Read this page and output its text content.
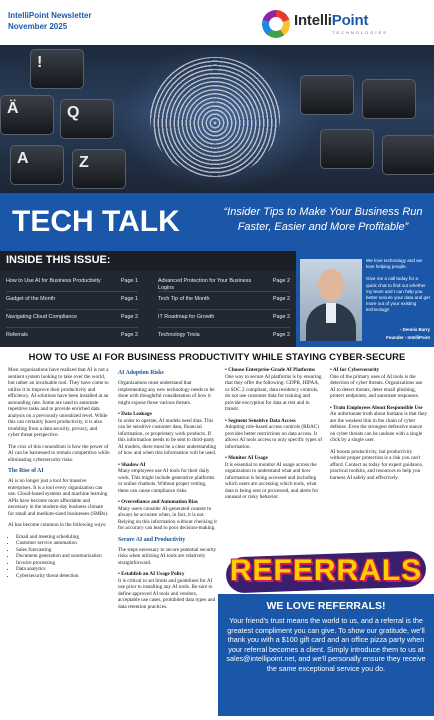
IntelliPoint Newsletter
November 2025	IntelliPoint
TECHNOLOGIES
!
Ä	Q
A	Z
TECH TALK	“Insider Tips to Make Your Business Run Faster, Easier and More Profitable”
INSIDE THIS ISSUE:
How to Use AI for Business Productivity	Page 1
Gadget of the Month	Page 1
Navigating Cloud Compliance	Page 2
Referrals	Page 2
Advanced Protection for Your Business Logins
Page 2
Tech Tip of the Month	Page 2
IT Roadmap for Growth	Page 2
Technology Trivia	Page 2

We love technology and we love helping people.

Give me a call today for a quick chat to find out whether my team and I can help you better secure your data and get more out of your existing technology!

- Dennis Barry
Founder - IntelliPoint
HOW TO USE AI FOR BUSINESS PRODUCTIVITY WHILE STAYING CYBER-SECURE

Most organizations have realized that AI is not a sentient system looking to take over the world, but rather an invaluable tool. They have come to utilize it to improve their productivity and efficiency. AI solutions have been installed at an astounding rate. Some are used to automate repetitive tasks and to provide enriched data analysis on a previously unrealized level. While this can certainly boost productivity, it is also troubling from a data security, privacy, and cyber threat perspective.

The crux of this conundrum is how the power of AI can be harnessed to remain competitive while eliminating cybersecurity risks.

The Rise of AI

AI is no longer just a tool for massive enterprises. It is a tool every organization can use. Cloud-based systems and machine learning APIs have become more affordable and necessary in the modern-day business climate for small and medium-sized businesses (SMBs).

AI has become common in the following ways:

• Email and meeting scheduling
• Customer service automation
• Sales forecasting
• Document generation and summarization
• Invoice processing
• Data analytics
• Cybersecurity threat detection
AI Adoption Risks

Organizations must understand that implementing any new technology needs to be done with thoughtful consideration of how it might expose those various threats.

• Data Leakage

In order to operate, AI models need data. This can be sensitive customer data, financial information, or proprietary work products. If this information needs to be sent to third-party AI models, there must be a clear understanding of how and when this information will be used.

• Shadow AI

Many employees use AI tools for their daily work. This might include generative platforms or online chatbots. Without proper vetting, these can cause compliance risks.

• Overreliance and Automation Bias

Many users consider AI-generated content to always be accurate when, in fact, it is not. Relying on this information without checking it for accuracy can lead to poor decision-making.

Secure AI and Productivity

The steps necessary to secure potential security risks when utilizing AI tools are relatively straightforward.

• Establish an AI Usage Policy

It is critical to set limits and guidelines for AI use prior to installing any AI tools. Be sure to define approved AI tools and vendors, acceptable use cases, prohibited data types and data retention practices.

• Choose Enterprise-Grade AI Platforms

One way to secure AI platforms is by ensuring that they offer the following: GDPR, HIPAA, or SOC 2 compliant, data residency controls, do not use customer data for training and provide encryption for data at rest and in transit.

• Segment Sensitive Data Access

Adopting role-based access controls (RBAC) provides better restrictions on data access. It allows AI tools access to only specific types of information.

• Monitor AI Usage

It is essential to monitor AI usage across the organization to understand what and how information is being accessed and including which users are accessing which tools, what data is being sent or processed, and alerts for unusual or risky behavior.

• AI for Cybersecurity

One of the primary uses of AI tools is the detection of cyber threats. Organizations use AI to detect threats, deter email phishing, protect endpoints, and automate responses.

• Train Employees About Responsible Use

An unfortunate truth about humans is that they are the weakest link in the chain of cyber defense. Even the strongest defensive stance on cyber threats can be undone with a single click by a single user.

AI boosts productivity, but productivity without proper protection is a risk you can't afford. Contact us today for expert guidance, practical toolkits, and resources to help you harness AI safely and effectively.

REFERRALS
WE LOVE REFERRALS!
Your friend's trust means the world to us, and a referral is the greatest compliment you can give. To show our gratitude, we'll thank you with a $100 gift card and an office pizza party when your referral becomes a client. Simply introduce them to us at sales@intellipoint.net, and we'll personally ensure they receive the same exceptional service you do.
